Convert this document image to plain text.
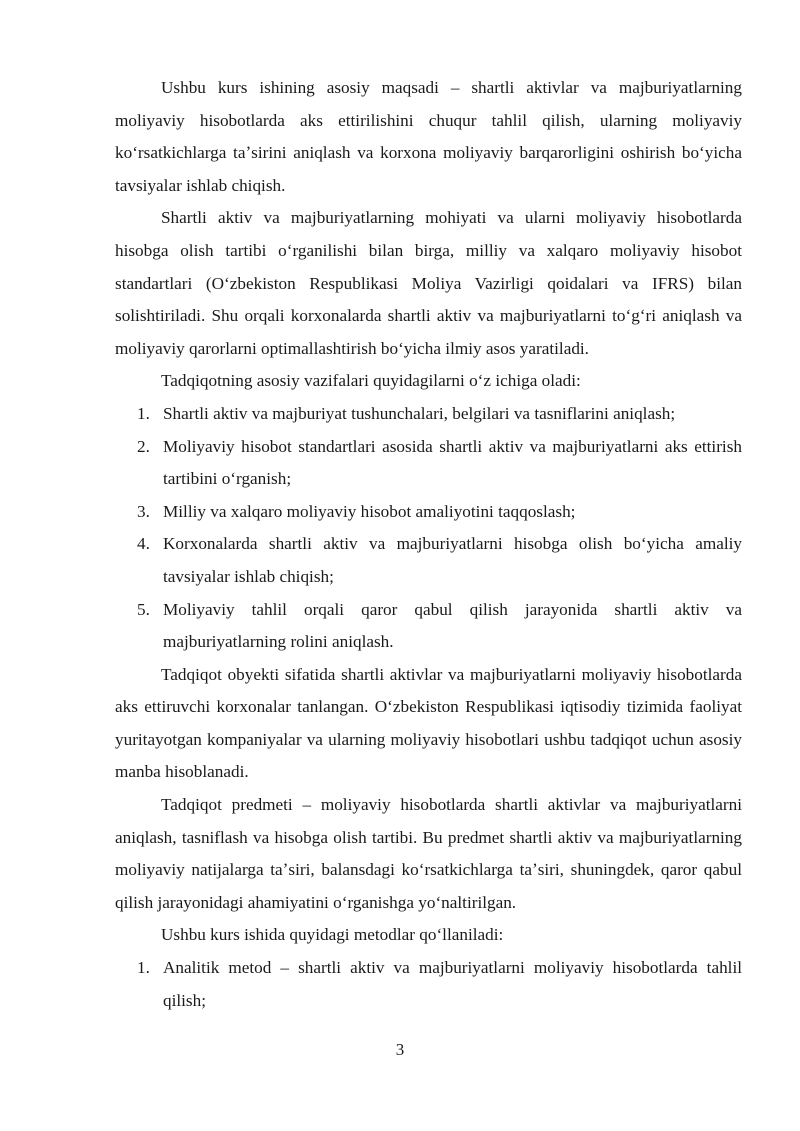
Ushbu kurs ishining asosiy maqsadi – shartli aktivlar va majburiyatlarning moliyaviy hisobotlarda aks ettirilishini chuqur tahlil qilish, ularning moliyaviy koʻrsatkichlarga taʼsirini aniqlash va korxona moliyaviy barqarorligini oshirish boʻyicha tavsiyalar ishlab chiqish.

Shartli aktiv va majburiyatlarning mohiyati va ularni moliyaviy hisobotlarda hisobga olish tartibi oʻrganilishi bilan birga, milliy va xalqaro moliyaviy hisobot standartlari (Oʻzbekiston Respublikasi Moliya Vazirligi qoidalari va IFRS) bilan solishtiriladi. Shu orqali korxonalarda shartli aktiv va majburiyatlarni toʻgʻri aniqlash va moliyaviy qarorlarni optimallashtirish boʻyicha ilmiy asos yaratiladi.

Tadqiqotning asosiy vazifalari quyidagilarni oʻz ichiga oladi:

1. Shartli aktiv va majburiyat tushunchalari, belgilari va tasniflarini aniqlash;
2. Moliyaviy hisobot standartlari asosida shartli aktiv va majburiyatlarni aks ettirish tartibini oʻrganish;
3. Milliy va xalqaro moliyaviy hisobot amaliyotini taqqoslash;
4. Korxonalarda shartli aktiv va majburiyatlarni hisobga olish boʻyicha amaliy tavsiyalar ishlab chiqish;
5. Moliyaviy tahlil orqali qaror qabul qilish jarayonida shartli aktiv va majburiyatlarning rolini aniqlash.

Tadqiqot obyekti sifatida shartli aktivlar va majburiyatlarni moliyaviy hisobotlarda aks ettiruvchi korxonalar tanlangan. Oʻzbekiston Respublikasi iqtisodiy tizimida faoliyat yuritayotgan kompaniyalar va ularning moliyaviy hisobotlari ushbu tadqiqot uchun asosiy manba hisoblanadi.

Tadqiqot predmeti – moliyaviy hisobotlarda shartli aktivlar va majburiyatlarni aniqlash, tasniflash va hisobga olish tartibi. Bu predmet shartli aktiv va majburiyatlarning moliyaviy natijalarga taʼsiri, balansdagi koʻrsatkichlarga taʼsiri, shuningdek, qaror qabul qilish jarayonidagi ahamiyatini oʻrganishga yoʻnaltirilgan.

Ushbu kurs ishida quyidagi metodlar qoʻllaniladi:

1. Analitik metod – shartli aktiv va majburiyatlarni moliyaviy hisobotlarda tahlil qilish;
3
